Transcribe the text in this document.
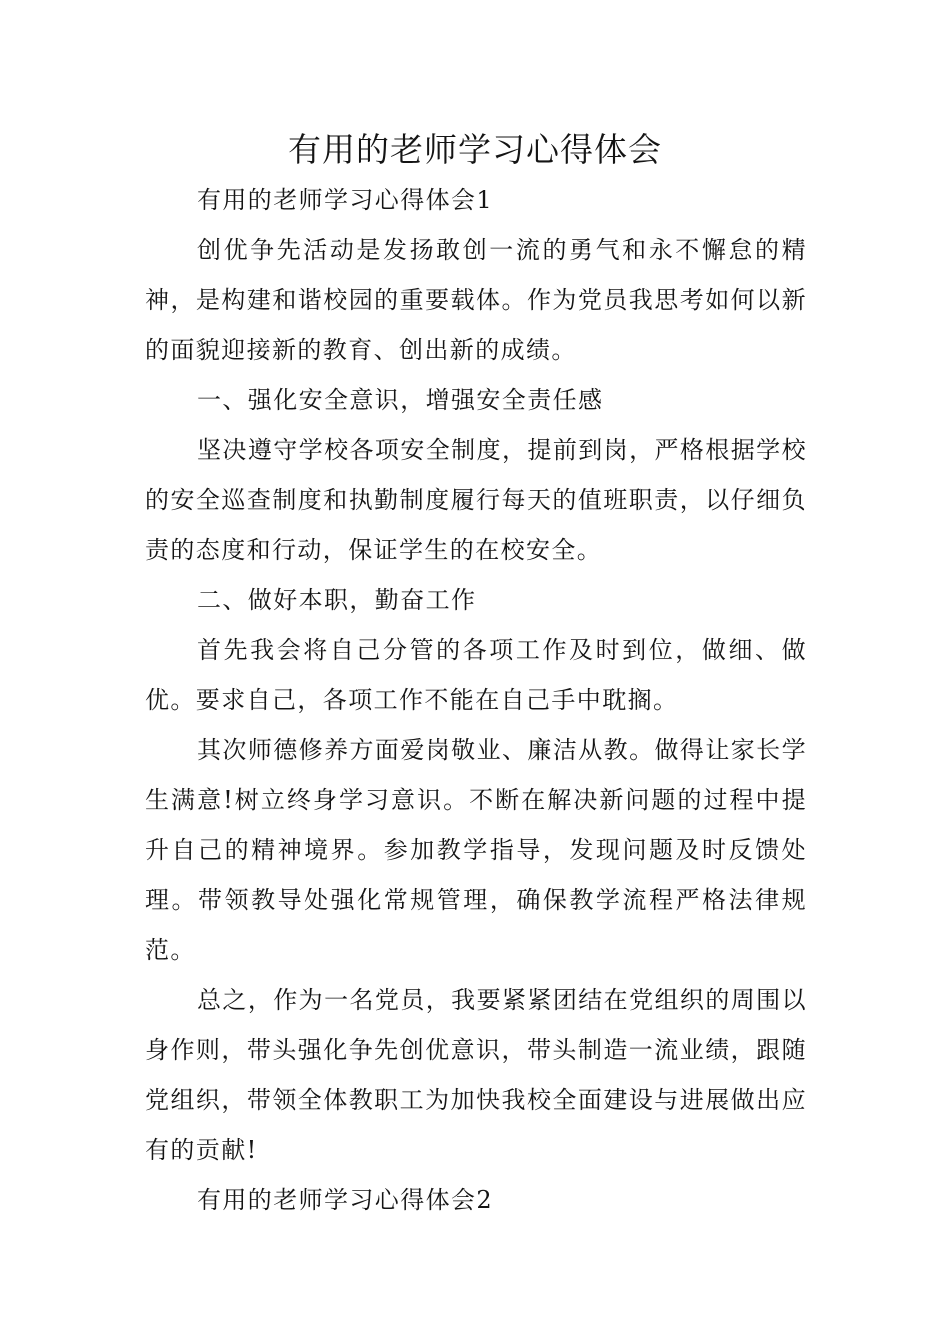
有用的老师学习心得体会

有用的老师学习心得体会1

创优争先活动是发扬敢创一流的勇气和永不懈怠的精神，是构建和谐校园的重要载体。作为党员我思考如何以新的面貌迎接新的教育、创出新的成绩。

一、强化安全意识，增强安全责任感

坚决遵守学校各项安全制度，提前到岗，严格根据学校的安全巡查制度和执勤制度履行每天的值班职责，以仔细负责的态度和行动，保证学生的在校安全。

二、做好本职，勤奋工作

首先我会将自己分管的各项工作及时到位，做细、做优。要求自己，各项工作不能在自己手中耽搁。

其次师德修养方面爱岗敬业、廉洁从教。做得让家长学生满意!树立终身学习意识。不断在解决新问题的过程中提升自己的精神境界。参加教学指导，发现问题及时反馈处理。带领教导处强化常规管理，确保教学流程严格法律规范。

总之，作为一名党员，我要紧紧团结在党组织的周围以身作则，带头强化争先创优意识，带头制造一流业绩，跟随党组织，带领全体教职工为加快我校全面建设与进展做出应有的贡献!

有用的老师学习心得体会2
